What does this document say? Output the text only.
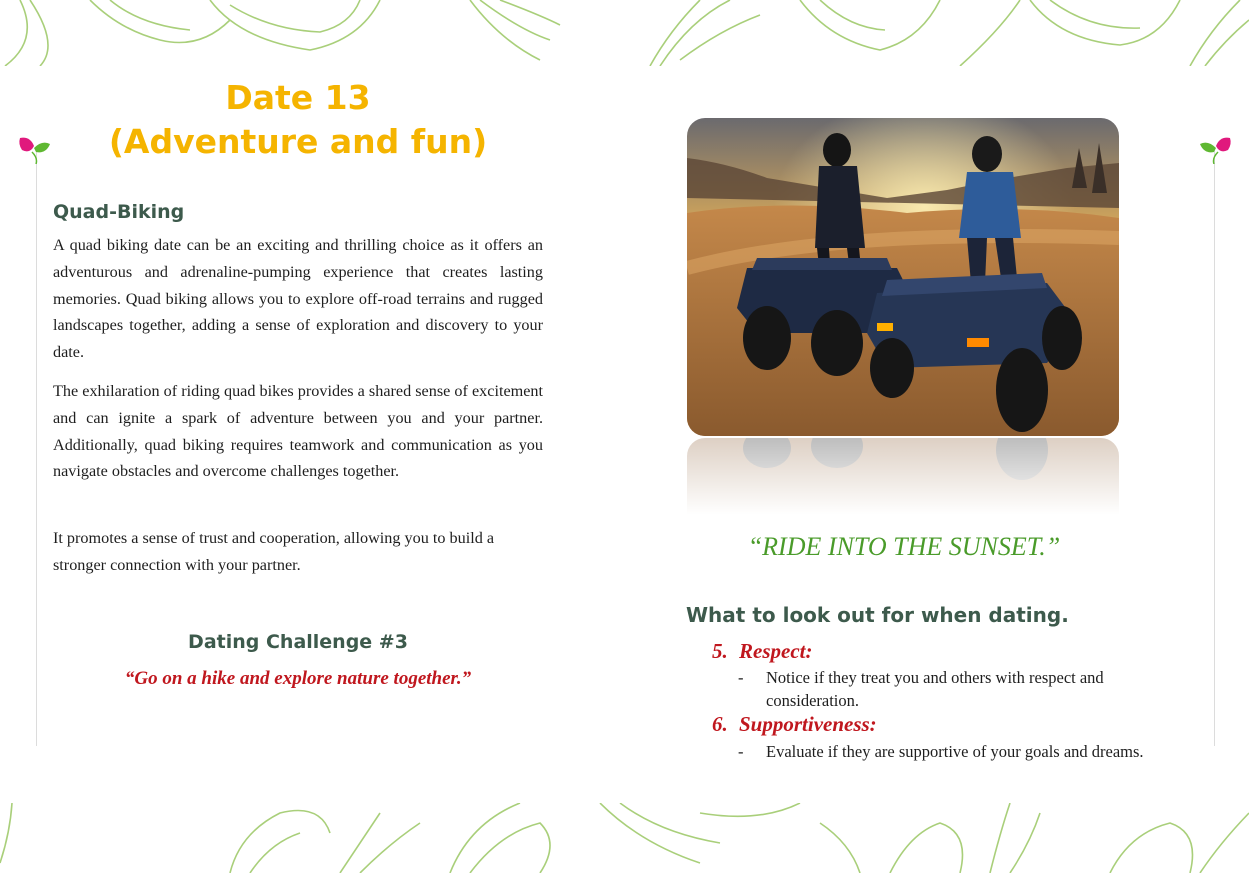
Date 13
(Adventure and fun)
Quad-Biking

A quad biking date can be an exciting and thrilling choice as it offers an adventurous and adrenaline-pumping experience that creates lasting memories. Quad biking allows you to explore off-road terrains and rugged landscapes together, adding a sense of exploration and discovery to your date.

The exhilaration of riding quad bikes provides a shared sense of excitement and can ignite a spark of adventure between you and your partner. Additionally, quad biking requires teamwork and communication as you navigate obstacles and overcome challenges together.

It promotes a sense of trust and cooperation, allowing you to build a stronger connection with your partner.

Dating Challenge #3
“Go on a hike and explore nature together.”
“RIDE INTO THE SUNSET.”
What to look out for when dating.
5. Respect:
- Notice if they treat you and others with respect and
consideration.
6. Supportiveness:
- Evaluate if they are supportive of your goals and dreams.
